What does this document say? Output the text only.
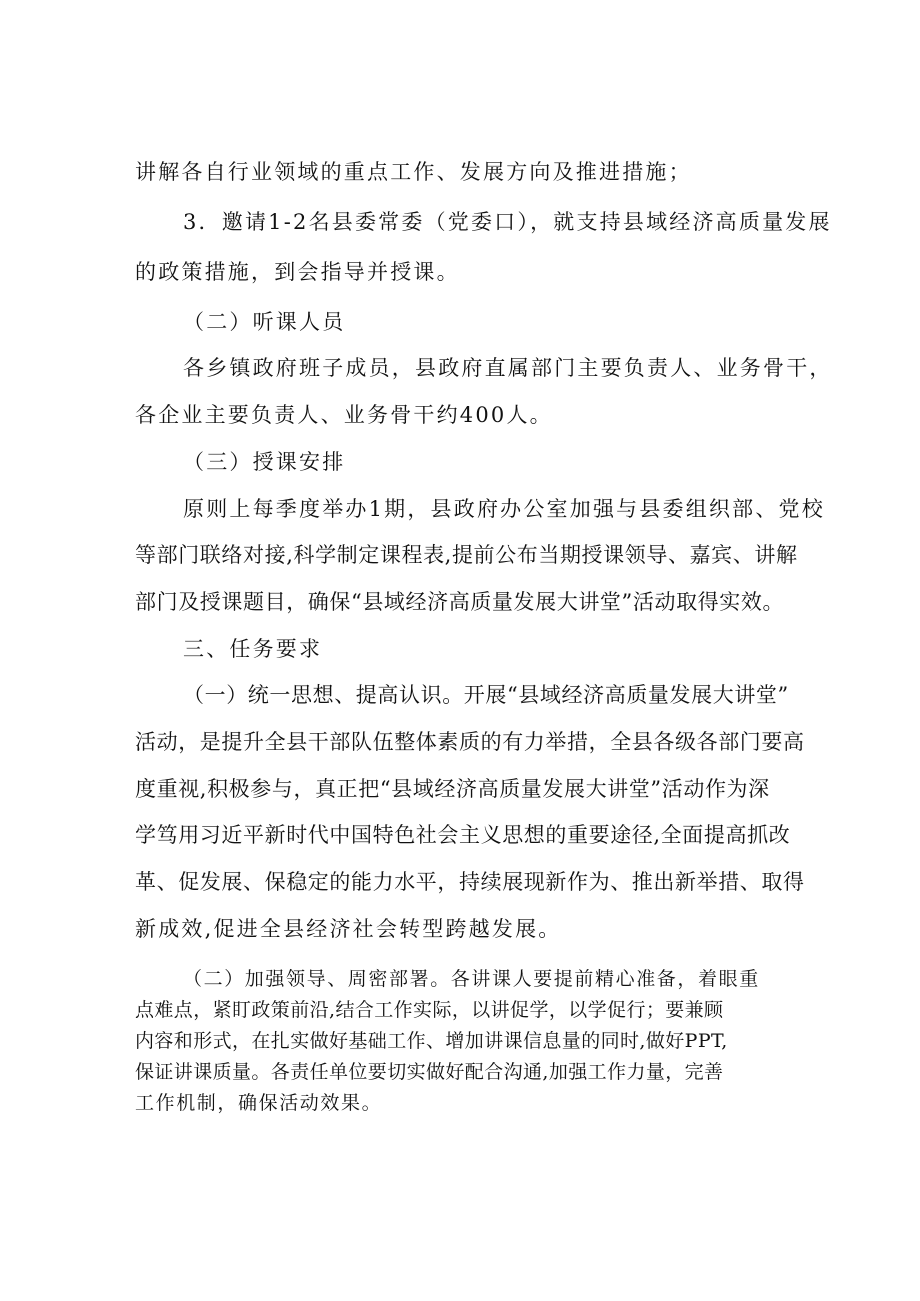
讲解各自行业领域的重点工作、发展方向及推进措施；
3．邀请1-2名县委常委（党委口），就支持县域经济高质量发展
的政策措施，到会指导并授课。
（二）听课人员
各乡镇政府班子成员，县政府直属部门主要负责人、业务骨干，
各企业主要负责人、业务骨干约400人。
（三）授课安排
原则上每季度举办1期，县政府办公室加强与县委组织部、党校
等部门联络对接,科学制定课程表,提前公布当期授课领导、嘉宾、讲解
部门及授课题目，确保“县域经济高质量发展大讲堂”活动取得实效。
三、任务要求
（一）统一思想、提高认识。开展“县域经济高质量发展大讲堂”
活动，是提升全县干部队伍整体素质的有力举措，全县各级各部门要高
度重视,积极参与，真正把“县域经济高质量发展大讲堂”活动作为深
学笃用习近平新时代中国特色社会主义思想的重要途径,全面提高抓改
革、促发展、保稳定的能力水平，持续展现新作为、推出新举措、取得
新成效,促进全县经济社会转型跨越发展。
（二）加强领导、周密部署。各讲课人要提前精心准备，着眼重
点难点，紧盯政策前沿,结合工作实际，以讲促学，以学促行；要兼顾
内容和形式，在扎实做好基础工作、增加讲课信息量的同时,做好PPT,
保证讲课质量。各责任单位要切实做好配合沟通,加强工作力量，完善
工作机制，确保活动效果。
